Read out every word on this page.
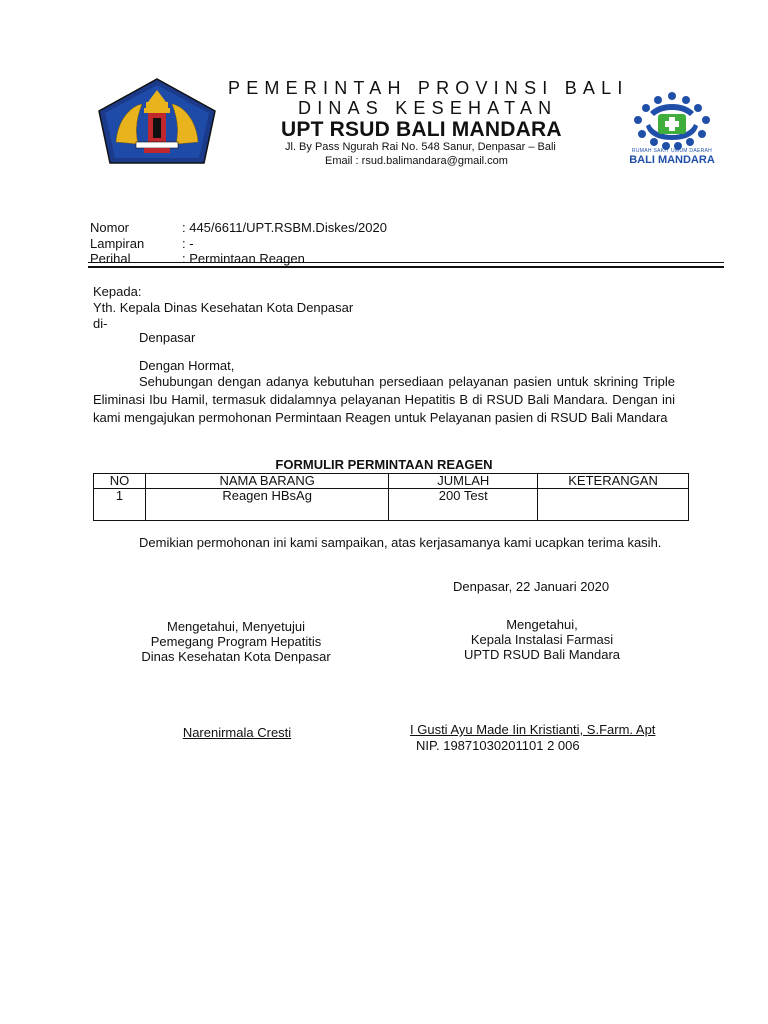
PEMERINTAH PROVINSI BALI
DINAS KESEHATAN
UPT RSUD BALI MANDARA
Jl. By Pass Ngurah Rai No. 548 Sanur, Denpasar – Bali
Email : rsud.balimandara@gmail.com
RUMAH SAKIT UMUM DAERAH
BALI MANDARA
Nomor	: 445/6611/UPT.RSBM.Diskes/2020
Lampiran	: -
Perihal	: Permintaan Reagen
Kepada:
Yth. Kepala Dinas Kesehatan Kota Denpasar
di-
Denpasar
Dengan Hormat,
Sehubungan dengan adanya kebutuhan persediaan pelayanan pasien untuk skrining Triple Eliminasi Ibu Hamil, termasuk didalamnya pelayanan Hepatitis B di RSUD Bali Mandara. Dengan ini kami mengajukan permohonan Permintaan Reagen untuk Pelayanan pasien di RSUD Bali Mandara
FORMULIR PERMINTAAN REAGEN
NO	NAMA BARANG	JUMLAH	KETERANGAN
1	Reagen HBsAg	200 Test	
Demikian permohonan ini kami sampaikan, atas kerjasamanya kami ucapkan terima kasih.
Denpasar, 22 Januari 2020
Mengetahui, Menyetujui
Pemegang Program Hepatitis
Dinas Kesehatan Kota Denpasar
Narenirmala Cresti
Mengetahui,
Kepala Instalasi Farmasi
UPTD RSUD Bali Mandara
I Gusti Ayu Made Iin Kristianti, S.Farm. Apt
NIP. 19871030201101 2 006
